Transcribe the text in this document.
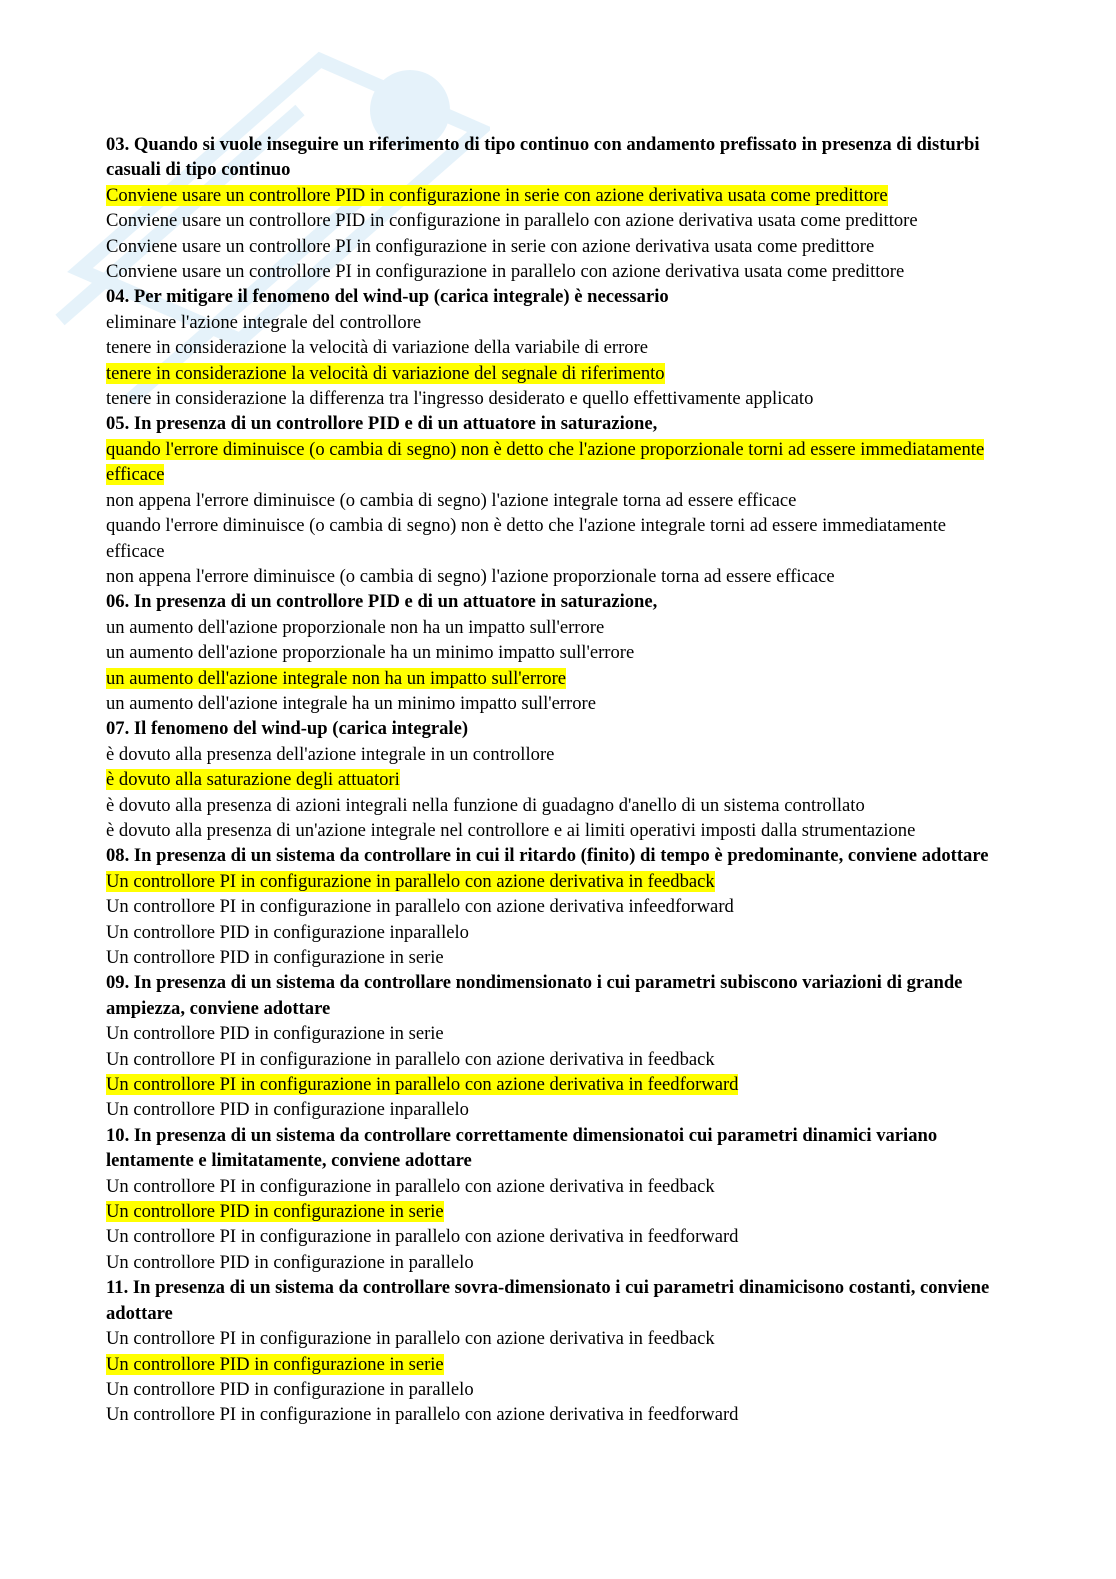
03. Quando si vuole inseguire un riferimento di tipo continuo con andamento prefissato in presenza di disturbi casuali di tipo continuo

Conviene usare un controllore PID in configurazione in serie con azione derivativa usata come predittore

Conviene usare un controllore PID in configurazione in parallelo con azione derivativa usata come predittore

Conviene usare un controllore PI in configurazione in serie con azione derivativa usata come predittore

Conviene usare un controllore PI in configurazione in parallelo con azione derivativa usata come predittore

04. Per mitigare il fenomeno del wind-up (carica integrale) è necessario

eliminare l'azione integrale del controllore

tenere in considerazione la velocità di variazione della variabile di errore

tenere in considerazione la velocità di variazione del segnale di riferimento

tenere in considerazione la differenza tra l'ingresso desiderato e quello effettivamente applicato

05. In presenza di un controllore PID e di un attuatore in saturazione,

quando l'errore diminuisce (o cambia di segno) non è detto che l'azione proporzionale torni ad essere immediatamente efficace

non appena l'errore diminuisce (o cambia di segno) l'azione integrale torna ad essere efficace

quando l'errore diminuisce (o cambia di segno) non è detto che l'azione integrale torni ad essere immediatamente efficace

non appena l'errore diminuisce (o cambia di segno) l'azione proporzionale torna ad essere efficace

06. In presenza di un controllore PID e di un attuatore in saturazione,

un aumento dell'azione proporzionale non ha un impatto sull'errore

un aumento dell'azione proporzionale ha un minimo impatto sull'errore

un aumento dell'azione integrale non ha un impatto sull'errore

un aumento dell'azione integrale ha un minimo impatto sull'errore

07. Il fenomeno del wind-up (carica integrale)

è dovuto alla presenza dell'azione integrale in un controllore

è dovuto alla saturazione degli attuatori

è dovuto alla presenza di azioni integrali nella funzione di guadagno d'anello di un sistema controllato

è dovuto alla presenza di un'azione integrale nel controllore e ai limiti operativi imposti dalla strumentazione

08. In presenza di un sistema da controllare in cui il ritardo (finito) di tempo è predominante, conviene adottare

Un controllore PI in configurazione in parallelo con azione derivativa in feedback

Un controllore PI in configurazione in parallelo con azione derivativa infeedforward

Un controllore PID in configurazione inparallelo

Un controllore PID in configurazione in serie

09. In presenza di un sistema da controllare nondimensionato i cui parametri subiscono variazioni di grande ampiezza, conviene adottare

Un controllore PID in configurazione in serie

Un controllore PI in configurazione in parallelo con azione derivativa in feedback

Un controllore PI in configurazione in parallelo con azione derivativa in feedforward

Un controllore PID in configurazione inparallelo

10. In presenza di un sistema da controllare correttamente dimensionatoi cui parametri dinamici variano lentamente e limitatamente, conviene adottare

Un controllore PI in configurazione in parallelo con azione derivativa in feedback

Un controllore PID in configurazione in serie

Un controllore PI in configurazione in parallelo con azione derivativa in feedforward

Un controllore PID in configurazione in parallelo

11. In presenza di un sistema da controllare sovra-dimensionato i cui parametri dinamicisono costanti, conviene adottare

Un controllore PI in configurazione in parallelo con azione derivativa in feedback

Un controllore PID in configurazione in serie

Un controllore PID in configurazione in parallelo

Un controllore PI in configurazione in parallelo con azione derivativa in feedforward
